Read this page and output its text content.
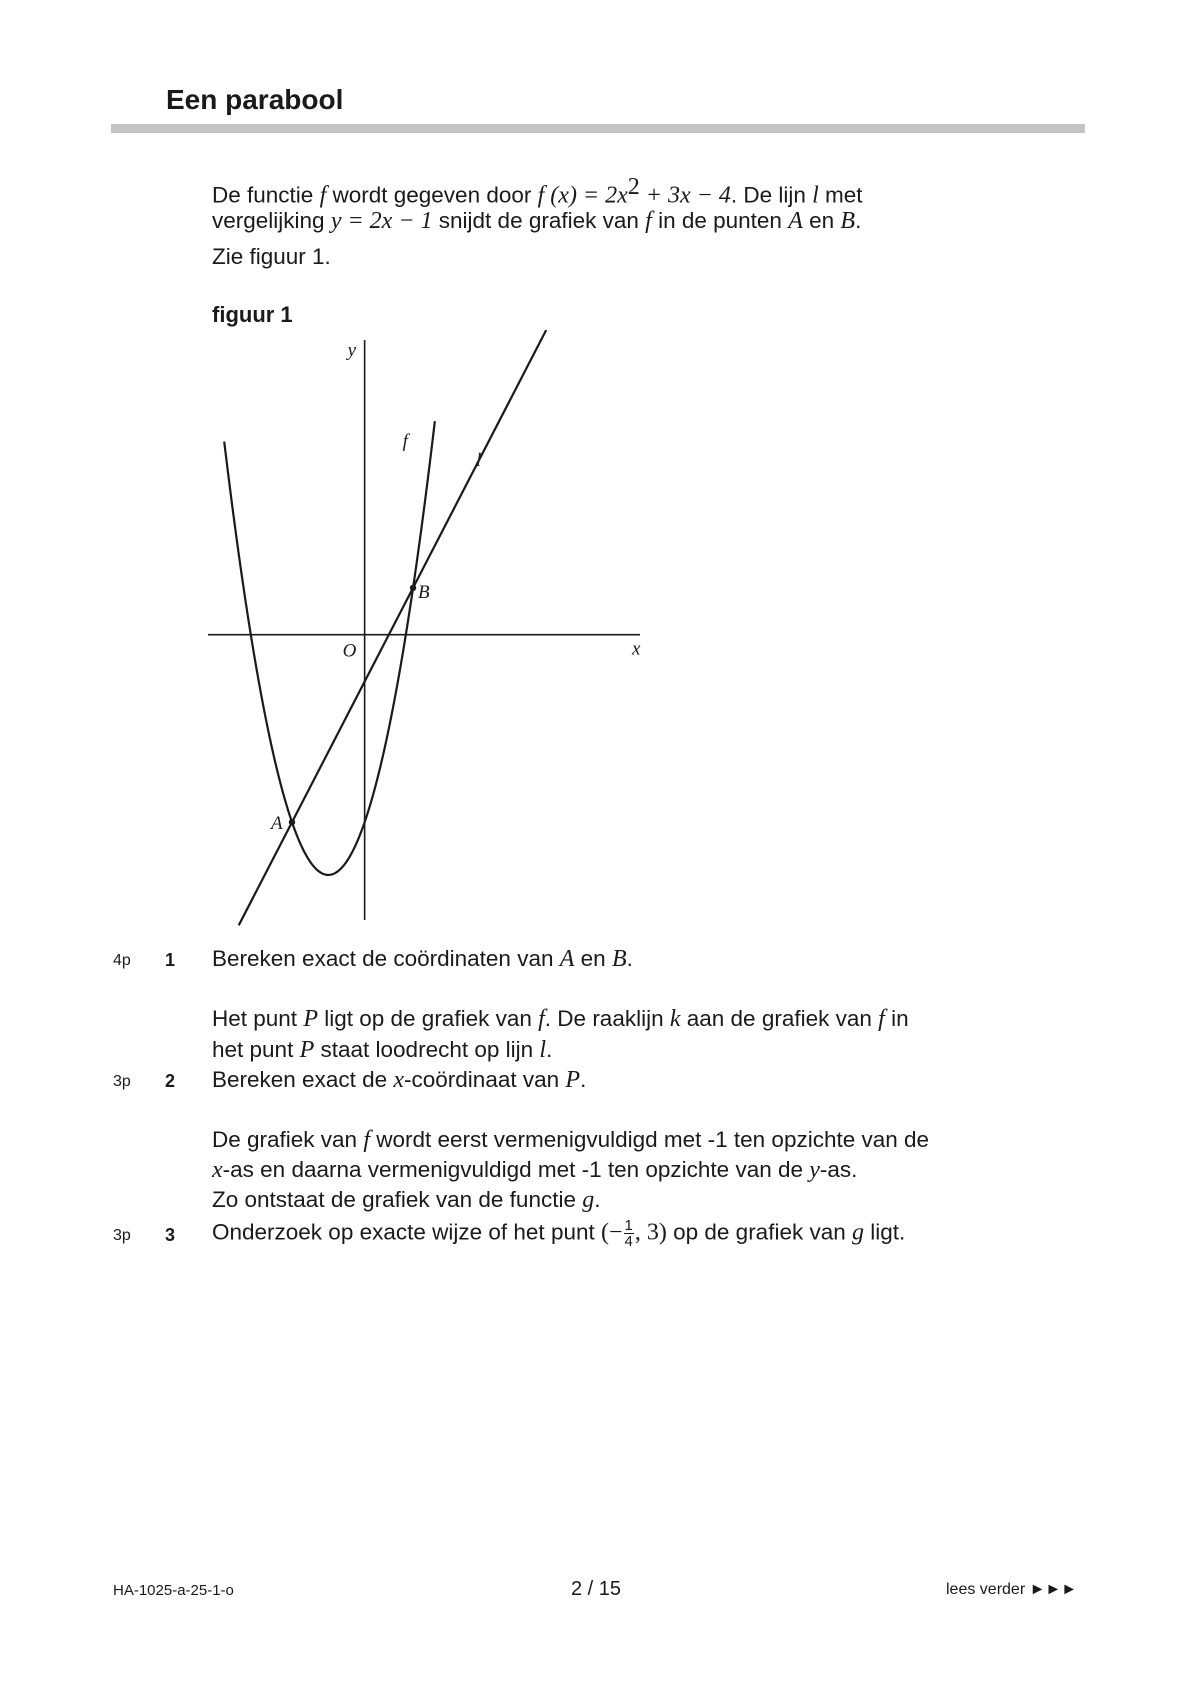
Een parabool

De functie f wordt gegeven door f $(x) = 2x^2 + 3x - 4$. De lijn l met

vergelijking y = 2x − 1 snijdt de grafiek van f in de punten A en B.

Zie figuur 1.

figuur 1
x
y
O
f
l
A
B
4p 1 Bereken exact de coördinaten van A en B.
Het punt P ligt op de grafiek van f. De raaklijn k aan de grafiek van f in
het punt P staat loodrecht op lijn l.
3p 2 Bereken exact de x-coördinaat van P.
De grafiek van f wordt eerst vermenigvuldigd met -1 ten opzichte van de
x-as en daarna vermenigvuldigd met -1 ten opzichte van de y-as.
Zo ontstaat de grafiek van de functie g.
3p 3 Onderzoek op exacte wijze of het punt (− $\frac{1}{4}$ , 3) op de grafiek van g ligt.
HA-1025-a-25-1-o	2 / 15	lees verder ►►►
